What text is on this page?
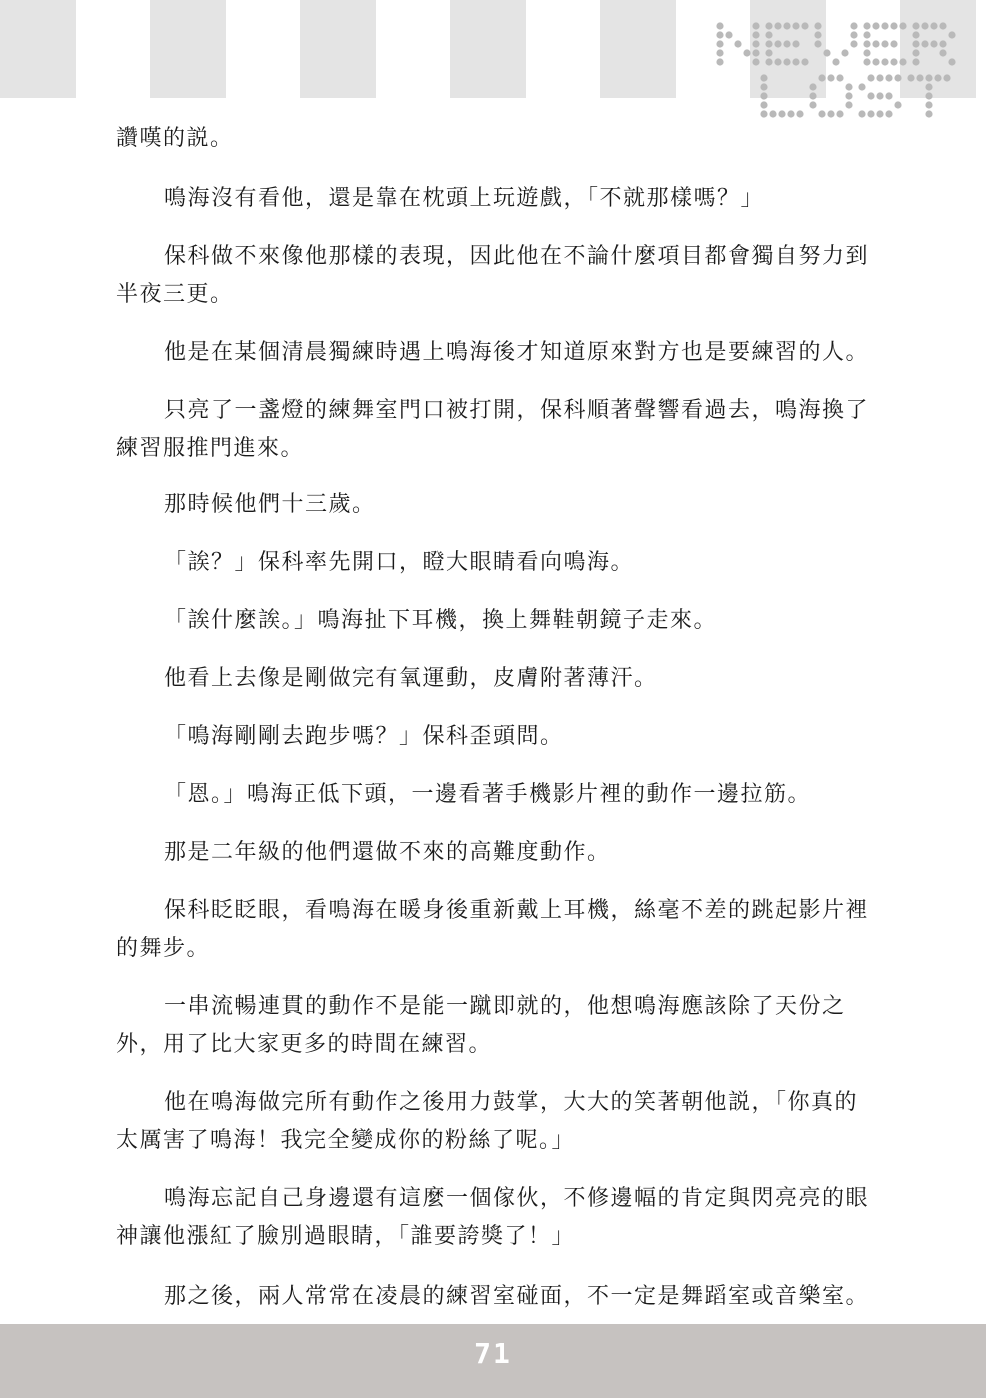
讚嘆的説。
鳴海沒有看他，還是靠在枕頭上玩遊戲，「不就那樣嗎？」
保科做不來像他那樣的表現，因此他在不論什麼項目都會獨自努力到
半夜三更。
他是在某個清晨獨練時遇上鳴海後才知道原來對方也是要練習的人。
只亮了一盞燈的練舞室門口被打開，保科順著聲響看過去，鳴海換了
練習服推門進來。
那時候他們十三歲。
「誒？」保科率先開口，瞪大眼睛看向鳴海。
「誒什麼誒。」鳴海扯下耳機，換上舞鞋朝鏡子走來。
他看上去像是剛做完有氧運動，皮膚附著薄汗。
「鳴海剛剛去跑步嗎？」保科歪頭問。
「恩。」鳴海正低下頭，一邊看著手機影片裡的動作一邊拉筋。
那是二年級的他們還做不來的高難度動作。
保科眨眨眼，看鳴海在暖身後重新戴上耳機，絲毫不差的跳起影片裡
的舞步。
一串流暢連貫的動作不是能一蹴即就的，他想鳴海應該除了天份之
外，用了比大家更多的時間在練習。
他在鳴海做完所有動作之後用力鼓掌，大大的笑著朝他説，「你真的
太厲害了鳴海！我完全變成你的粉絲了呢。」
鳴海忘記自己身邊還有這麼一個傢伙，不修邊幅的肯定與閃亮亮的眼
神讓他漲紅了臉別過眼睛，「誰要誇獎了！」
那之後，兩人常常在凌晨的練習室碰面，不一定是舞蹈室或音樂室。
71
